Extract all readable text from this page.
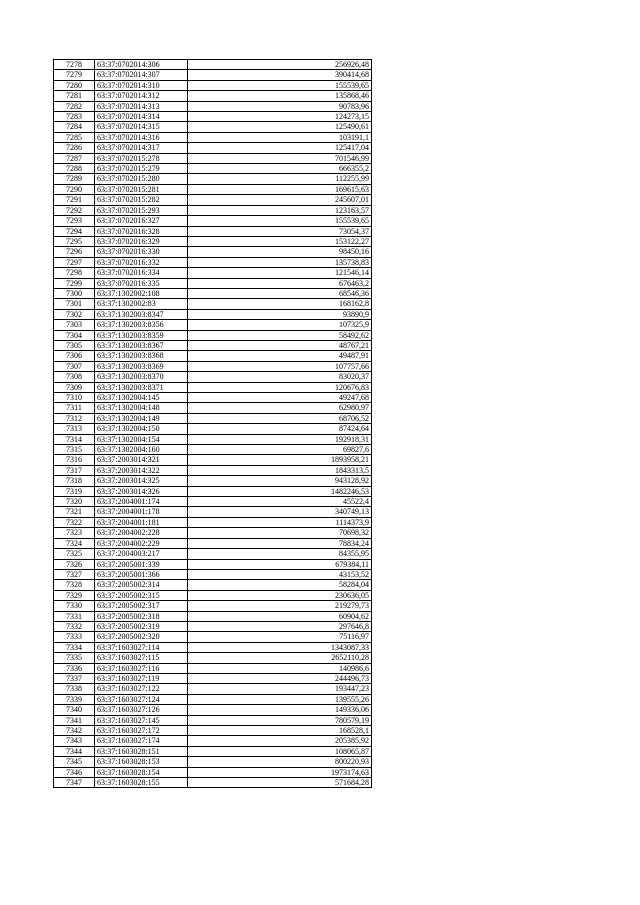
7278	63:37:0702014:306	256926,48
7279	63:37:0702014:307	390414,68
7280	63:37:0702014:310	155539,65
7281	63:37:0702014:312	135868,46
7282	63:37:0702014:313	90783,96
7283	63:37:0702014:314	124273,15
7284	63:37:0702014:315	125490,61
7285	63:37:0702014:316	103191,1
7286	63:37:0702014:317	125417,04
7287	63:37:0702015:278	701546,99
7288	63:37:0702015:279	666355,2
7289	63:37:0702015:280	112255,99
7290	63:37:0702015:281	169615,63
7291	63:37:0702015:282	245607,01
7292	63:37:0702015:293	123163,57
7293	63:37:0702016:327	155539,65
7294	63:37:0702016:328	73054,37
7295	63:37:0702016:329	153122,27
7296	63:37:0702016:330	98450,16
7297	63:37:0702016:332	135738,83
7298	63:37:0702016:334	121546,14
7299	63:37:0702016:335	676463,2
7300	63:37:1302002:108	68546,36
7301	63:37:1302002:83	168162,8
7302	63:37:1302003:8347	93890,9
7303	63:37:1302003:8356	107325,9
7304	63:37:1302003:8359	58492,62
7305	63:37:1302003:8367	48767,21
7306	63:37:1302003:8368	49487,91
7307	63:37:1302003:8369	107757,66
7308	63:37:1302003:8370	83020,37
7309	63:37:1302003:8371	120676,83
7310	63:37:1302004:145	49247,68
7311	63:37:1302004:148	62980,97
7312	63:37:1302004:149	68706,52
7313	63:37:1302004:150	87424,64
7314	63:37:1302004:154	192918,31
7315	63:37:1302004:160	69827,6
7316	63:37:2003014:321	1893958,21
7317	63:37:2003014:322	1843313,5
7318	63:37:2003014:325	943128,92
7319	63:37:2003014:326	1482246,53
7320	63:37:2004001:174	45522,4
7321	63:37:2004001:178	340749,13
7322	63:37:2004001:181	1114373,9
7323	63:37:2004002:228	70698,32
7324	63:37:2004002:229	78834,24
7325	63:37:2004003:217	84355,95
7326	63:37:2005001:339	679384,11
7327	63:37:2005001:366	43153,52
7328	63:37:2005002:314	58284,04
7329	63:37:2005002:315	230636,05
7330	63:37:2005002:317	219279,73
7331	63:37:2005002:318	60904,62
7332	63:37:2005002:319	297646,8
7333	63:37:2005002:320	75116,97
7334	63:37:1603027:114	1343087,33
7335	63:37:1603027:115	2652110,28
7336	63:37:1603027:116	140986,6
7337	63:37:1603027:119	244496,73
7338	63:37:1603027:122	193447,23
7339	63:37:1603027:124	139555,26
7340	63:37:1603027:126	149336,06
7341	63:37:1603027:145	780579,19
7342	63:37:1603027:172	168528,1
7343	63:37:1603027:174	205385,92
7344	63:37:1603028:151	108065,87
7345	63:37:1603028:153	800220,93
7346	63:37:1603028:154	1973174,63
7347	63:37:1603028:155	571684,28
